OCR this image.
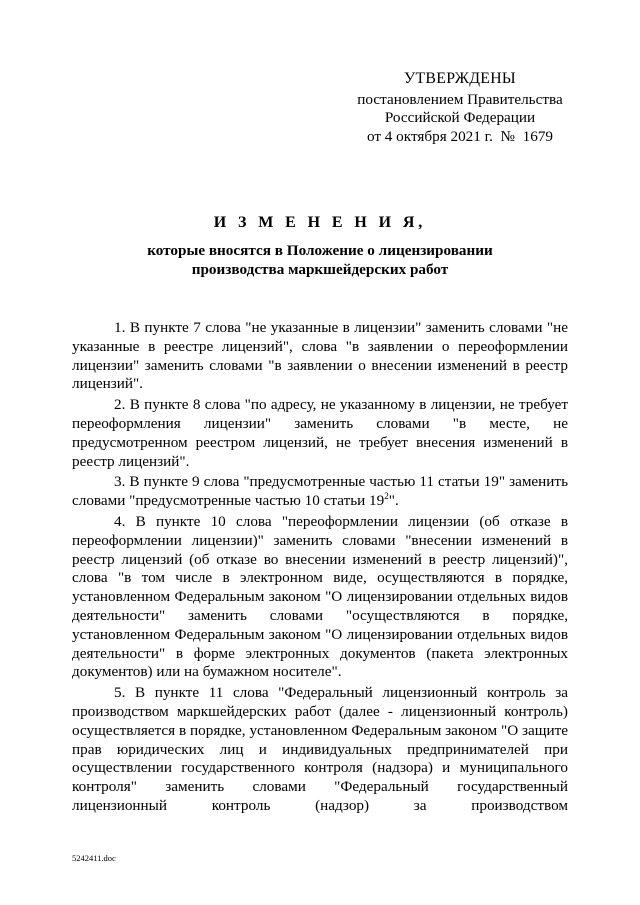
УТВЕРЖДЕНЫ
постановлением Правительства
Российской Федерации
от 4 октября 2021 г.  №  1679
И З М Е Н Е Н И Я,
которые вносятся в Положение о лицензировании
производства маркшейдерских работ

1. В пункте 7 слова "не указанные в лицензии" заменить словами "не указанные в реестре лицензий", слова "в заявлении о переоформлении лицензии" заменить словами "в заявлении о внесении изменений в реестр лицензий".

2. В пункте 8 слова "по адресу, не указанному в лицензии, не требует переоформления лицензии" заменить словами "в месте, не предусмотренном реестром лицензий, не требует внесения изменений в реестр лицензий".

3. В пункте 9 слова "предусмотренные частью 11 статьи 19" заменить словами "предусмотренные частью 10 статьи $19^2$".

4. В пункте 10 слова "переоформлении лицензии (об отказе в переоформлении лицензии)" заменить словами "внесении изменений в реестр лицензий (об отказе во внесении изменений в реестр лицензий)", слова "в том числе в электронном виде, осуществляются в порядке, установленном Федеральным законом "О лицензировании отдельных видов деятельности" заменить словами "осуществляются в порядке, установленном Федеральным законом "О лицензировании отдельных видов деятельности" в форме электронных документов (пакета электронных документов) или на бумажном носителе".

5. В пункте 11 слова "Федеральный лицензионный контроль за производством маркшейдерских работ (далее - лицензионный контроль) осуществляется в порядке, установленном Федеральным законом "О защите прав юридических лиц и индивидуальных предпринимателей при осуществлении государственного контроля (надзора) и муниципального контроля" заменить словами "Федеральный государственный лицензионный контроль (надзор) за производством

5242411.doc
